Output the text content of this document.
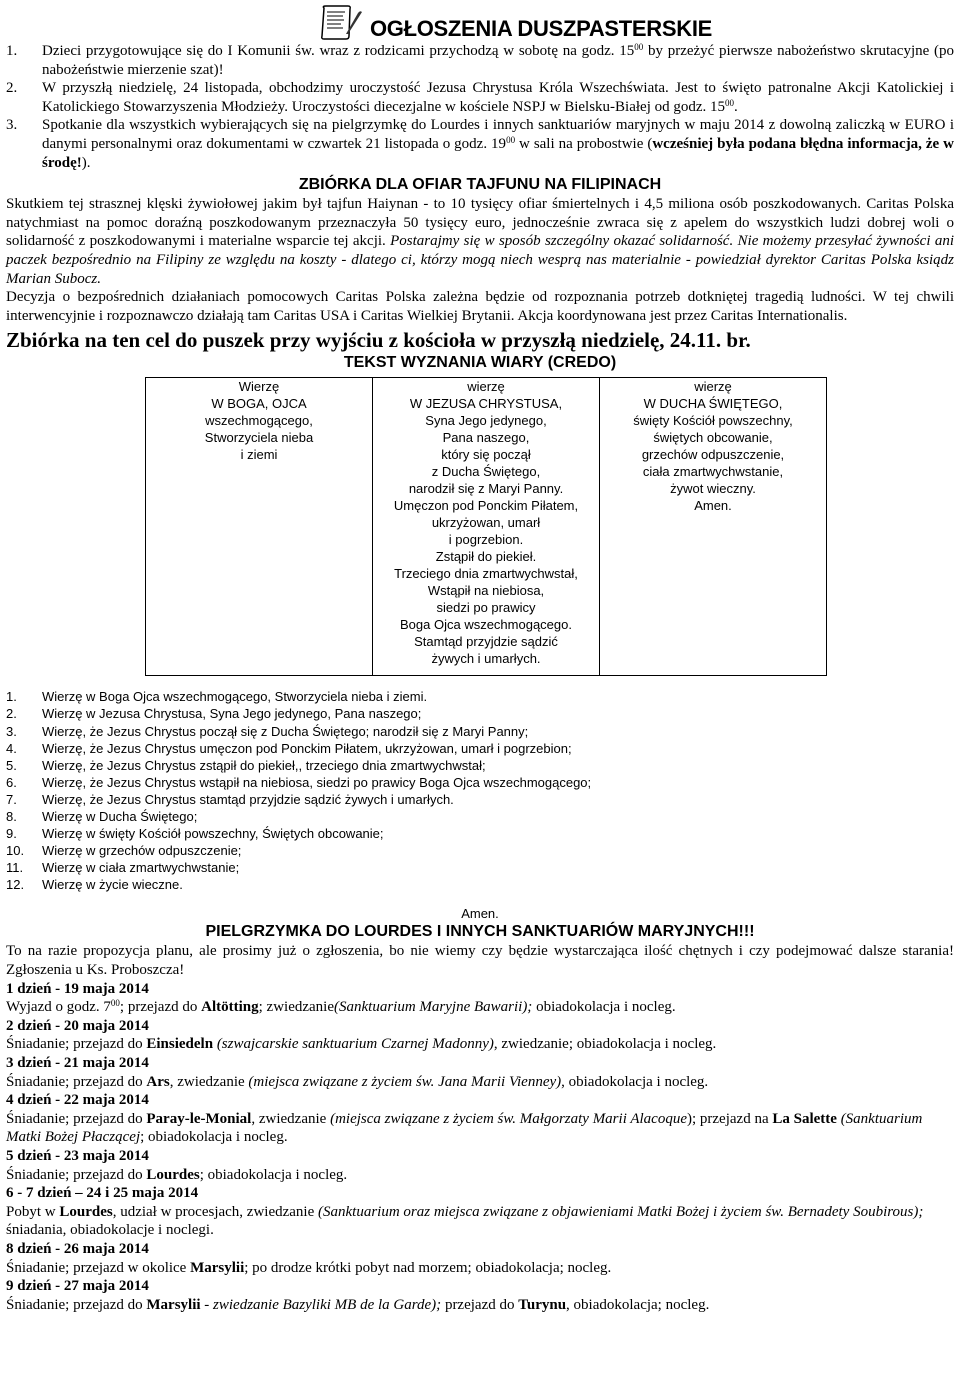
OGŁOSZENIA DUSZPASTERSKIE
1.	Dzieci przygotowujące się do I Komunii św. wraz z rodzicami przychodzą w sobotę na godz. $15^{00}$ by przeżyć pierwsze nabożeństwo skrutacyjne (po nabożeństwie mierzenie szat)!
2.	W przyszłą niedzielę, 24 listopada, obchodzimy uroczystość Jezusa Chrystusa Króla Wszechświata. Jest to święto patronalne Akcji Katolickiej i Katolickiego Stowarzyszenia Młodzieży. Uroczystości diecezjalne w kościele NSPJ w Bielsku-Białej od godz. $15^{00}$.
3.	Spotkanie dla wszystkich wybierających się na pielgrzymkę do Lourdes i innych sanktuariów maryjnych w maju 2014 z dowolną zaliczką w EURO i danymi personalnymi oraz dokumentami w czwartek 21 listopada o godz. $19^{00}$ w sali na probostwie (wcześniej była podana błędna informacja, że w środę!).
ZBIÓRKA DLA OFIAR TAJFUNU NA FILIPINACH

Skutkiem tej strasznej klęski żywiołowej jakim był tajfun Haiynan - to 10 tysięcy ofiar śmiertelnych i 4,5 miliona osób poszkodowanych. Caritas Polska natychmiast na pomoc doraźną poszkodowanym przeznaczyła 50 tysięcy euro, jednocześnie zwraca się z apelem do wszystkich ludzi dobrej woli o solidarność z poszkodowanymi i materialne wsparcie tej akcji. Postarajmy się w sposób szczególny okazać solidarność. Nie możemy przesyłać żywności ani paczek bezpośrednio na Filipiny ze względu na koszty - dlatego ci, którzy mogą niech wesprą nas materialnie - powiedział dyrektor Caritas Polska ksiądz Marian Subocz.

Decyzja o bezpośrednich działaniach pomocowych Caritas Polska zależna będzie od rozpoznania potrzeb dotkniętej tragedią ludności. W tej chwili interwencyjnie i rozpoznawczo działają tam Caritas USA i Caritas Wielkiej Brytanii. Akcja koordynowana jest przez Caritas Internationalis.

Zbiórka na ten cel do puszek przy wyjściu z kościoła w przyszłą niedzielę, 24.11. br.
TEKST WYZNANIA WIARY (CREDO)
Wierzę
W BOGA, OJCA
wszechmogącego,
Stworzyciela nieba
i ziemi

wierzę
W JEZUSA CHRYSTUSA,
Syna Jego jedynego,
Pana naszego,
który się począł
z Ducha Świętego,
narodził się z Maryi Panny.
Umęczon pod Ponckim Piłatem,
ukrzyżowan, umarł
i pogrzebion.
Zstąpił do piekieł.
Trzeciego dnia zmartwychwstał,
Wstąpił na niebiosa,
siedzi po prawicy
Boga Ojca wszechmogącego.
Stamtąd przyjdzie sądzić
żywych i umarłych.

wierzę
W DUCHA ŚWIĘTEGO,
święty Kościół powszechny,
świętych obcowanie,
grzechów odpuszczenie,
ciała zmartwychwstanie,
żywot wieczny.
Amen.
1.	Wierzę w Boga Ojca wszechmogącego, Stworzyciela nieba i ziemi.
2.	Wierzę w Jezusa Chrystusa, Syna Jego jedynego, Pana naszego;
3.	Wierzę, że Jezus Chrystus począł się z Ducha Świętego; narodził się z Maryi Panny;
4.	Wierzę, że Jezus Chrystus umęczon pod Ponckim Piłatem, ukrzyżowan, umarł i pogrzebion;
5.	Wierzę, że Jezus Chrystus zstąpił do piekieł,, trzeciego dnia zmartwychwstał;
6.	Wierzę, że Jezus Chrystus wstąpił na niebiosa, siedzi po prawicy Boga Ojca wszechmogącego;
7.	Wierzę, że Jezus Chrystus stamtąd przyjdzie sądzić żywych i umarłych.
8.	Wierzę w Ducha Świętego;
9.	Wierzę w święty Kościół powszechny, Świętych obcowanie;
10.	Wierzę w grzechów odpuszczenie;
11.	Wierzę w ciała zmartwychwstanie;
12.	Wierzę w życie wieczne.
Amen.
PIELGRZYMKA DO LOURDES I INNYCH SANKTUARIÓW MARYJNYCH!!!

To na razie propozycja planu, ale prosimy już o zgłoszenia, bo nie wiemy czy będzie wystarczająca ilość chętnych i czy podejmować dalsze starania! Zgłoszenia u Ks. Proboszcza!

1 dzień - 19 maja 2014

Wyjazd o godz. $7^{00}$; przejazd do Altötting; zwiedzanie(Sanktuarium Maryjne Bawarii); obiadokolacja i nocleg.

2 dzień - 20 maja 2014

Śniadanie; przejazd do Einsiedeln (szwajcarskie sanktuarium Czarnej Madonny), zwiedzanie; obiadokolacja i nocleg.

3 dzień - 21 maja 2014

Śniadanie; przejazd do Ars, zwiedzanie (miejsca związane z życiem św. Jana Marii Vienney), obiadokolacja i nocleg.

4 dzień - 22 maja 2014

Śniadanie; przejazd do Paray-le-Monial, zwiedzanie (miejsca związane z życiem św. Małgorzaty Marii Alacoque); przejazd na La Salette (Sanktuarium Matki Bożej Płaczącej; obiadokolacja i nocleg.

5 dzień - 23 maja 2014

Śniadanie; przejazd do Lourdes; obiadokolacja i nocleg.

6 - 7 dzień – 24 i 25 maja 2014

Pobyt w Lourdes, udział w procesjach, zwiedzanie (Sanktuarium oraz miejsca związane z objawieniami Matki Bożej i życiem św. Bernadety Soubirous); śniadania, obiadokolacje i noclegi.

8 dzień - 26 maja 2014

Śniadanie; przejazd w okolice Marsylii; po drodze krótki pobyt nad morzem; obiadokolacja; nocleg.

9 dzień - 27 maja 2014

Śniadanie; przejazd do Marsylii - zwiedzanie Bazyliki MB de la Garde); przejazd do Turynu, obiadokolacja; nocleg.
